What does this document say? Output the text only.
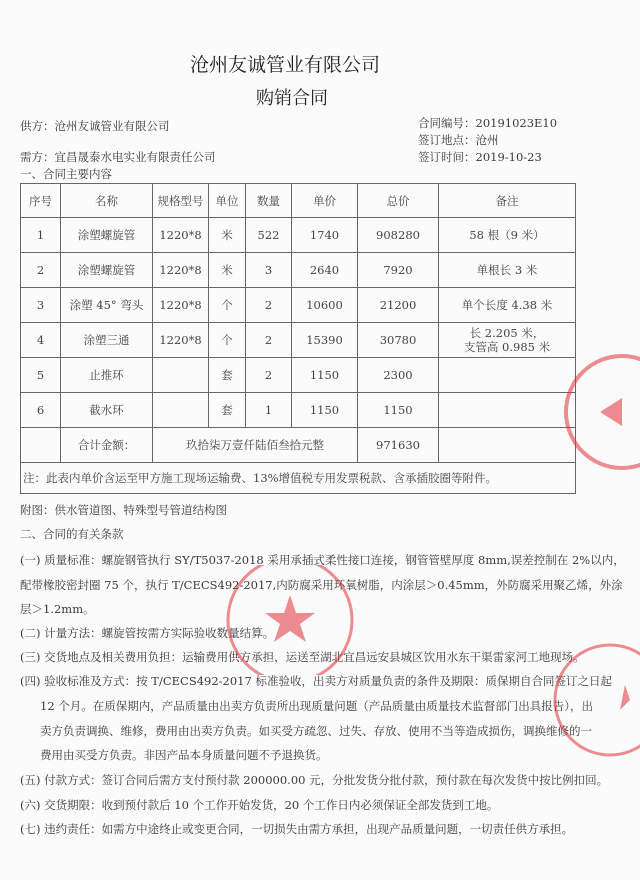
沧州友诚管业有限公司
购销合同
供方：沧州友诚管业有限公司	合同编号：20191023E10
签订地点：沧州
需方：宜昌晟泰水电实业有限责任公司	签订时间：2019-10-23
一、合同主要内容
序号	名称	规格型号	单位	数量	单价	总价	备注
1	涂塑螺旋管	1220*8	米	522	1740	908280	58 根（9 米）
2	涂塑螺旋管	1220*8	米	3	2640	7920	单根长 3 米
3	涂塑 45° 弯头	1220*8	个	2	10600	21200	单个长度 4.38 米
4	涂塑三通	1220*8	个	2	15390	30780	长 2.205 米，
支管高 0.985 米
5	止推环		套	2	1150	2300	
6	截水环		套	1	1150	1150	
	合计金额：	玖拾柒万壹仟陆佰叁拾元整				971630	
注：此表内单价含运至甲方施工现场运输费、13%增值税专用发票税款、含承插胶圈等附件。							
附图：供水管道图、特殊型号管道结构图
二、合同的有关条款
(一) 质量标准：螺旋钢管执行 SY/T5037-2018 采用承插式柔性接口连接，钢管管壁厚度 8mm,误差控制在 2%以内，
配带橡胶密封圈 75 个，执行 T/CECS492-2017,内防腐采用环氧树脂，内涂层＞0.45mm，外防腐采用聚乙烯，外涂
层＞1.2mm。
(二) 计量方法：螺旋管按需方实际验收数量结算。
(三) 交货地点及相关费用负担：运输费用供方承担，运送至湖北宜昌远安县城区饮用水东干渠雷家河工地现场。
(四) 验收标准及方式：按 T/CECS492-2017 标准验收，出卖方对质量负责的条件及期限：质保期自合同签订之日起
12 个月。在质保期内，产品质量由出卖方负责所出现质量问题（产品质量由质量技术监督部门出具报告），出
卖方负责调换、维修，费用由出卖方负责。如买受方疏忽、过失、存放、使用不当等造成损伤，调换维修的一
费用由买受方负责。非因产品本身质量问题不予退换货。
(五) 付款方式：签订合同后需方支付预付款 200000.00 元，分批发货分批付款，预付款在每次发货中按比例扣回。
(六) 交货期限：收到预付款后 10 个工作开始发货，20 个工作日内必须保证全部发货到工地。
(七) 违约责任：如需方中途终止或变更合同，一切损失由需方承担，出现产品质量问题，一切责任供方承担。
